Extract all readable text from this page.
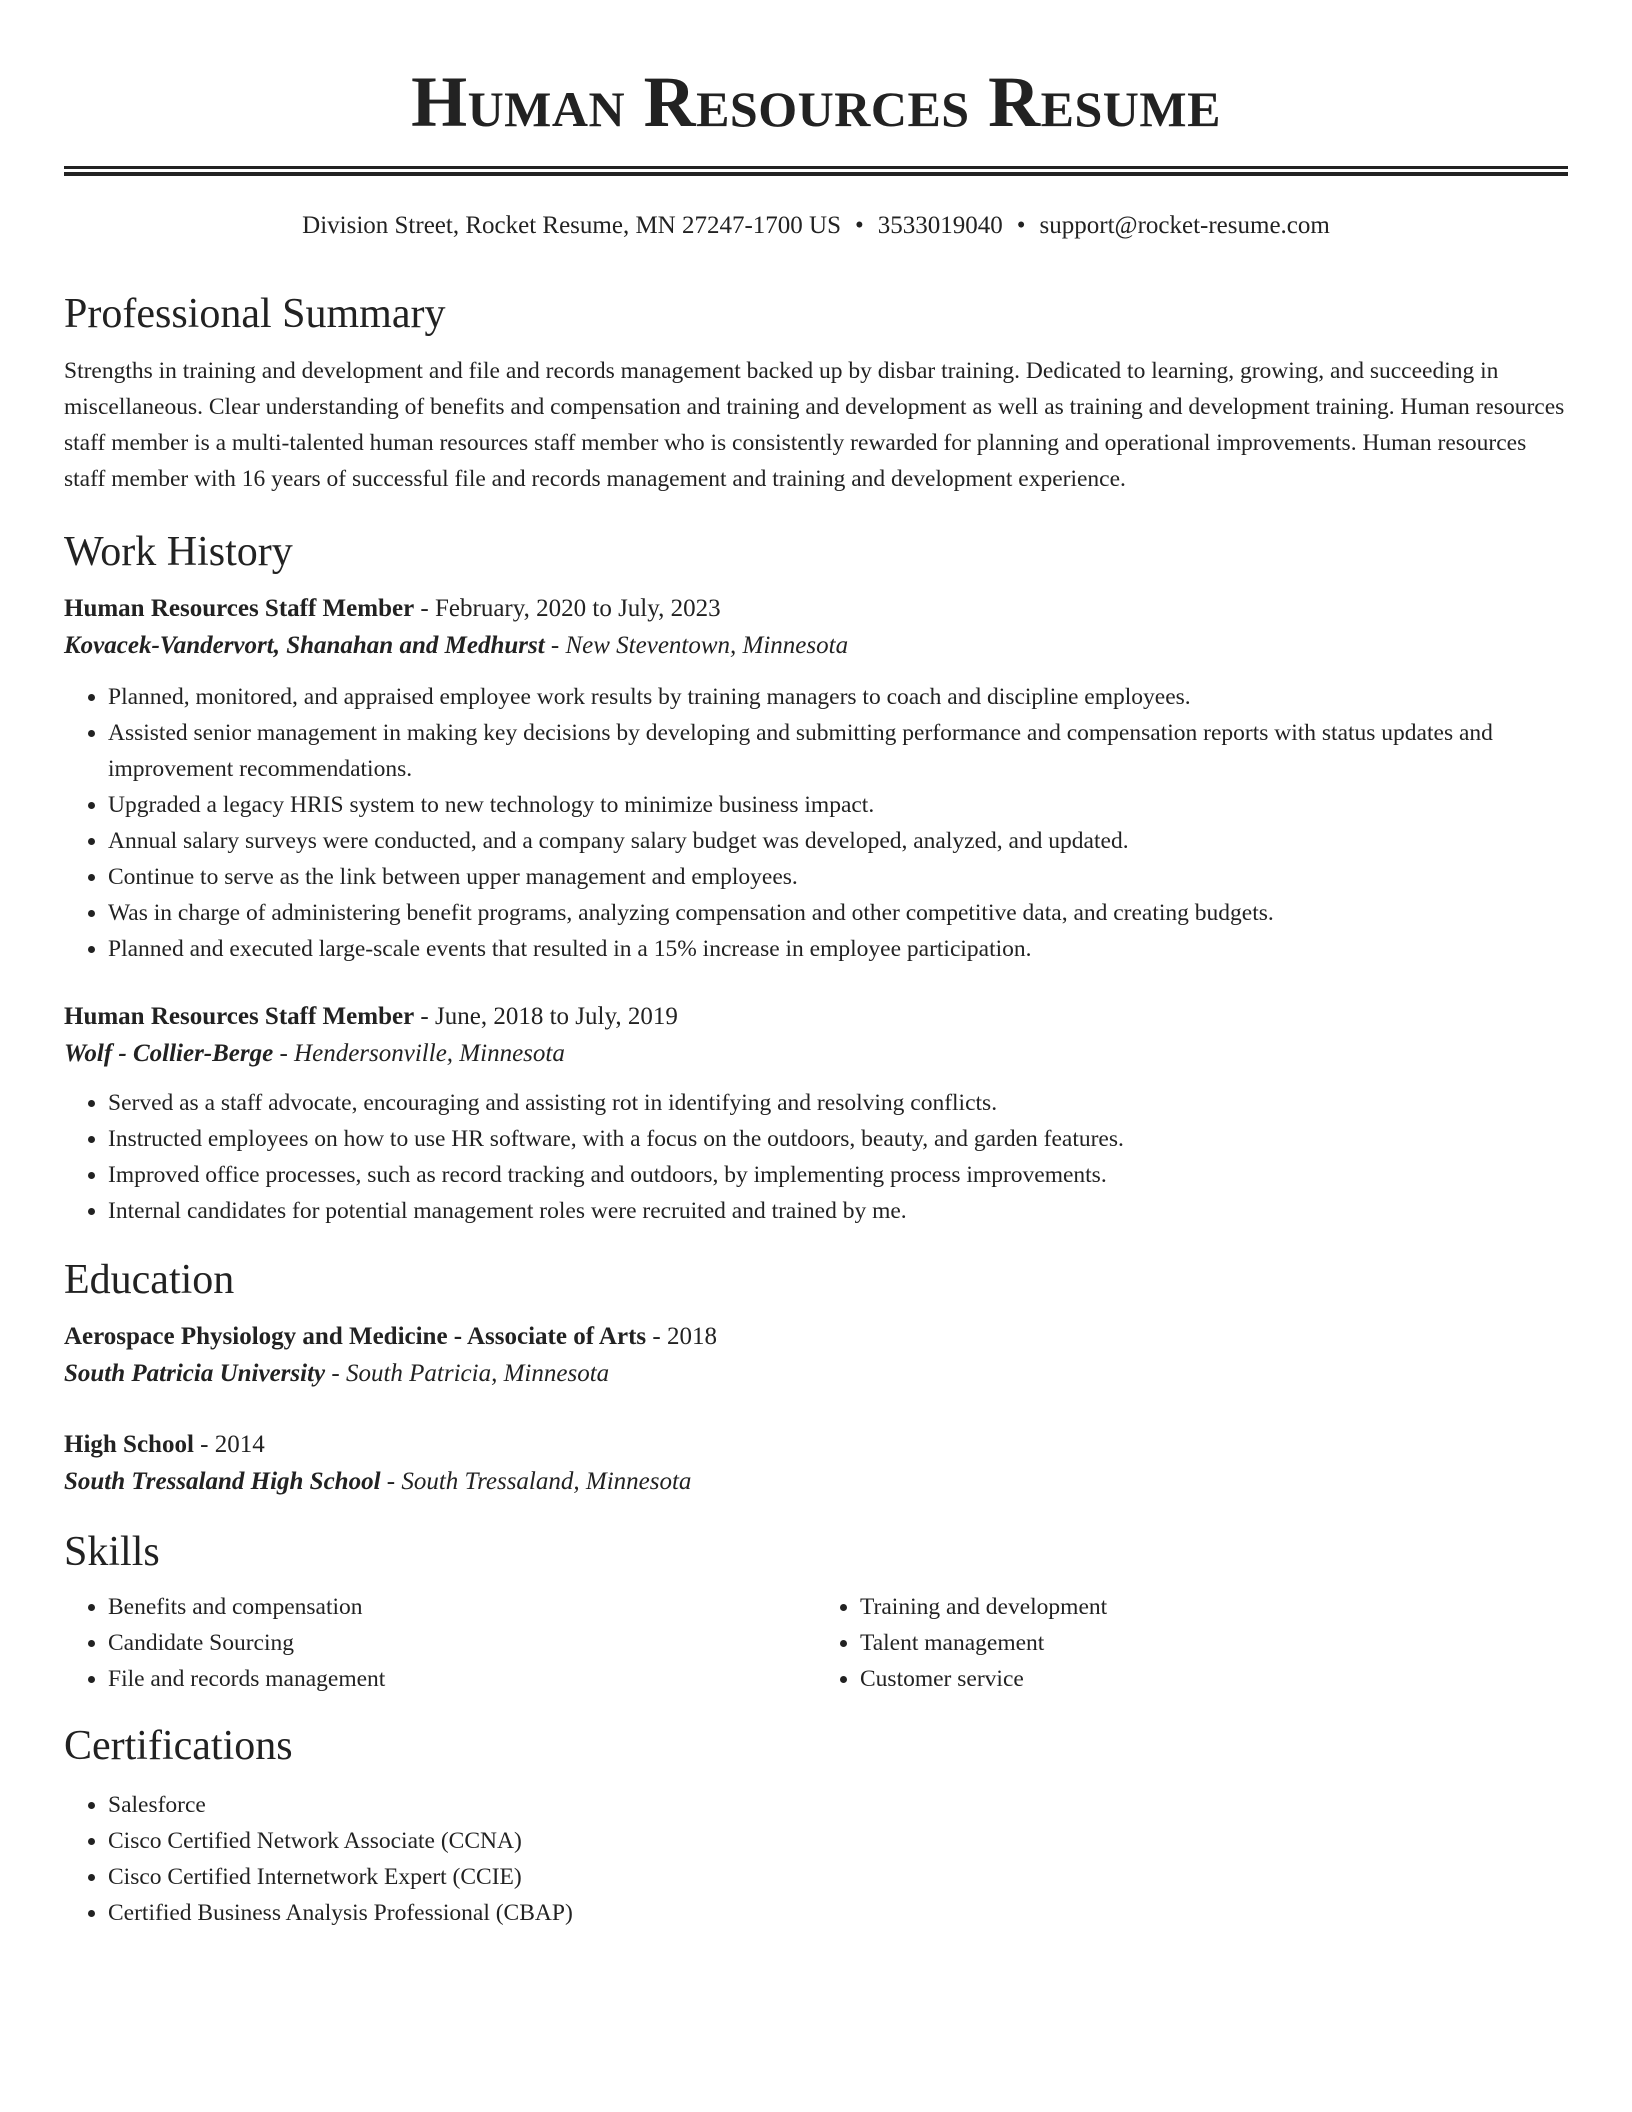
Human Resources Resume
Division Street, Rocket Resume, MN 27247-1700 US • 3533019040 • support@rocket-resume.com
Professional Summary
Strengths in training and development and file and records management backed up by disbar training. Dedicated to learning, growing, and succeeding in miscellaneous. Clear understanding of benefits and compensation and training and development as well as training and development training. Human resources staff member is a multi-talented human resources staff member who is consistently rewarded for planning and operational improvements. Human resources staff member with 16 years of successful file and records management and training and development experience.
Work History
Human Resources Staff Member - February, 2020 to July, 2023
Kovacek-Vandervort, Shanahan and Medhurst - New Steventown, Minnesota
• Planned, monitored, and appraised employee work results by training managers to coach and discipline employees.
• Assisted senior management in making key decisions by developing and submitting performance and compensation reports with status updates and improvement recommendations.
• Upgraded a legacy HRIS system to new technology to minimize business impact.
• Annual salary surveys were conducted, and a company salary budget was developed, analyzed, and updated.
• Continue to serve as the link between upper management and employees.
• Was in charge of administering benefit programs, analyzing compensation and other competitive data, and creating budgets.
• Planned and executed large-scale events that resulted in a 15% increase in employee participation.
Human Resources Staff Member - June, 2018 to July, 2019
Wolf - Collier-Berge - Hendersonville, Minnesota
• Served as a staff advocate, encouraging and assisting rot in identifying and resolving conflicts.
• Instructed employees on how to use HR software, with a focus on the outdoors, beauty, and garden features.
• Improved office processes, such as record tracking and outdoors, by implementing process improvements.
• Internal candidates for potential management roles were recruited and trained by me.
Education
Aerospace Physiology and Medicine - Associate of Arts - 2018
South Patricia University - South Patricia, Minnesota
High School - 2014
South Tressaland High School - South Tressaland, Minnesota
Skills
• Benefits and compensation
• Candidate Sourcing
• File and records management
• Training and development
• Talent management
• Customer service
Certifications
• Salesforce
• Cisco Certified Network Associate (CCNA)
• Cisco Certified Internetwork Expert (CCIE)
• Certified Business Analysis Professional (CBAP)
